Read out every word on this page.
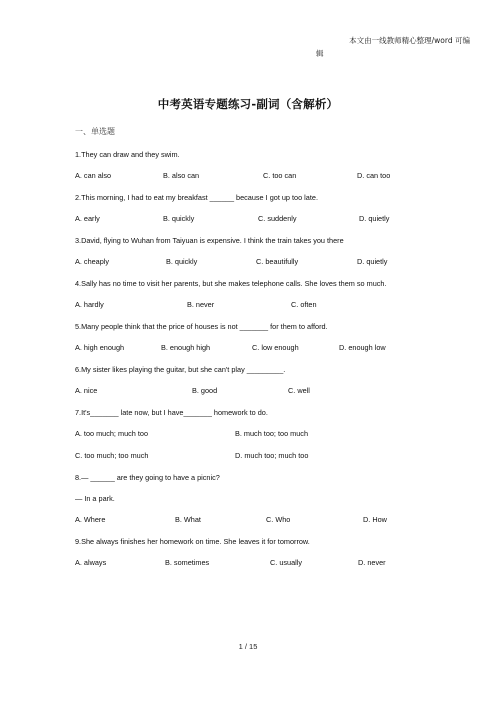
本文由一线教师精心整理/word 可编
辑
中考英语专题练习-副词（含解析）
一、单选题
1.They can draw and they swim.
A. can also	B. also can	C. too can	D. can too
2.This morning, I had to eat my breakfast ______ because I got up too late.
A. early	B. quickly	C. suddenly	D. quietly
3.David, flying to Wuhan from Taiyuan is expensive. I think the train takes you there
A. cheaply	B. quickly	C. beautifully	D. quietly
4.Sally has no time to visit her parents, but she makes telephone calls. She loves them so much.
A. hardly	B. never	C. often
5.Many people think that the price of houses is not _______ for them to afford.
A. high enough	B. enough high	C. low enough	D. enough low
6.My sister likes playing the guitar, but she can't play _________.
A. nice	B. good	C. well
7.It's_______ late now, but I have_______ homework to do.
A. too much; much too	B. much too; too much
C. too much; too much	D. much too; much too
8.— ______ are they going to have a picnic?
— In a park.
A. Where	B. What	C. Who	D. How
9.She always finishes her homework on time. She leaves it for tomorrow.
A. always	B. sometimes	C. usually	D. never
1 / 15
